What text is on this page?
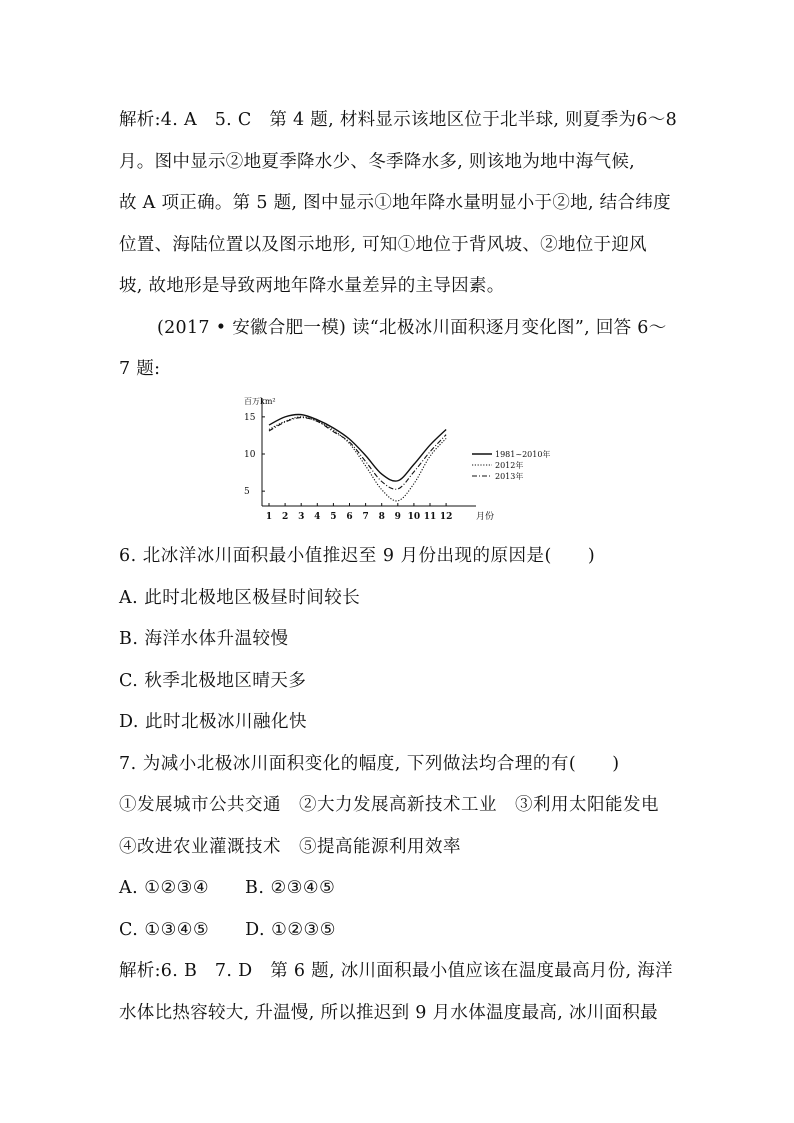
解析:4. A　5. C　第 4 题, 材料显示该地区位于北半球, 则夏季为6～8
月。图中显示②地夏季降水少、冬季降水多, 则该地为地中海气候,
故 A 项正确。第 5 题, 图中显示①地年降水量明显小于②地, 结合纬度
位置、海陆位置以及图示地形, 可知①地位于背风坡、②地位于迎风
坡, 故地形是导致两地年降水量差异的主导因素。
(2017 • 安徽合肥一模) 读“北极冰川面积逐月变化图”, 回答 6～
7 题:
百万km²
5
10
15
1 2 3 4 5 6 7 8 9 10 11 12	月份
1981~2010年
2012年
2013年
6. 北冰洋冰川面积最小值推迟至 9 月份出现的原因是(　　)
A. 此时北极地区极昼时间较长
B. 海洋水体升温较慢
C. 秋季北极地区晴天多
D. 此时北极冰川融化快
7. 为减小北极冰川面积变化的幅度, 下列做法均合理的有(　　)
①发展城市公共交通　②大力发展高新技术工业　③利用太阳能发电
④改进农业灌溉技术　⑤提高能源利用效率
A. ①②③④　　B. ②③④⑤
C. ①③④⑤　　D. ①②③⑤
解析:6. B　7. D　第 6 题, 冰川面积最小值应该在温度最高月份, 海洋
水体比热容较大, 升温慢, 所以推迟到 9 月水体温度最高, 冰川面积最
